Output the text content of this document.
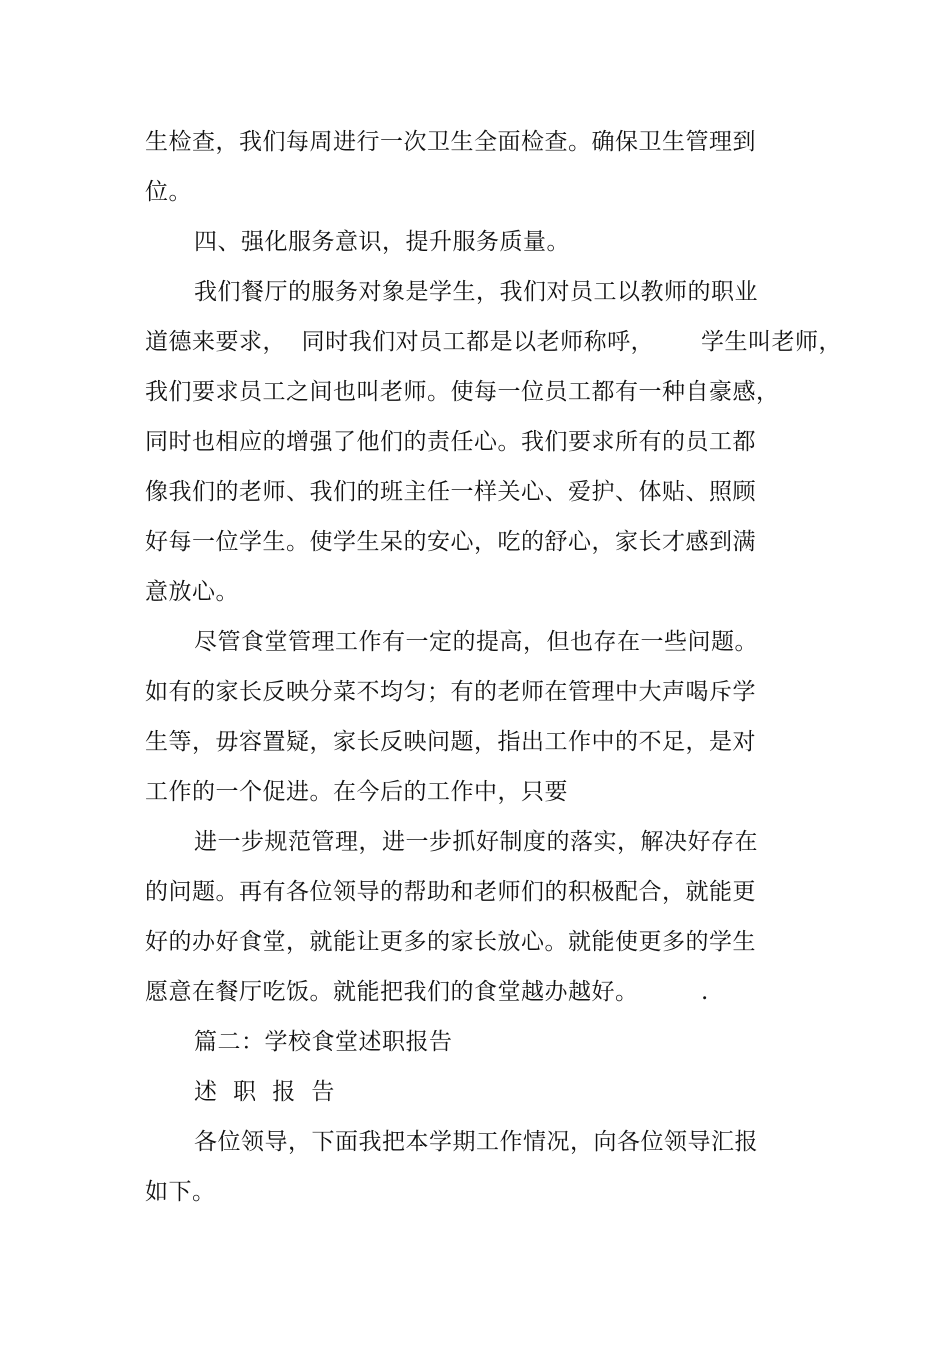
生检查，我们每周进行一次卫生全面检查。确保卫生管理到
位。
四、强化服务意识，提升服务质量。
我们餐厅的服务对象是学生，我们对员工以教师的职业
道德来要求，  同时我们对员工都是以老师称呼，      学生叫老师，
我们要求员工之间也叫老师。使每一位员工都有一种自豪感，
同时也相应的增强了他们的责任心。我们要求所有的员工都
像我们的老师、我们的班主任一样关心、爱护、体贴、照顾
好每一位学生。使学生呆的安心，吃的舒心，家长才感到满
意放心。
尽管食堂管理工作有一定的提高，但也存在一些问题。
如有的家长反映分菜不均匀；有的老师在管理中大声喝斥学
生等，毋容置疑，家长反映问题，指出工作中的不足，是对
工作的一个促进。在今后的工作中，只要
进一步规范管理，进一步抓好制度的落实，解决好存在
的问题。再有各位领导的帮助和老师们的积极配合，就能更
好的办好食堂，就能让更多的家长放心。就能使更多的学生
愿意在餐厅吃饭。就能把我们的食堂越办越好。        .
篇二：学校食堂述职报告
述  职  报  告
各位领导，下面我把本学期工作情况，向各位领导汇报
如下。
